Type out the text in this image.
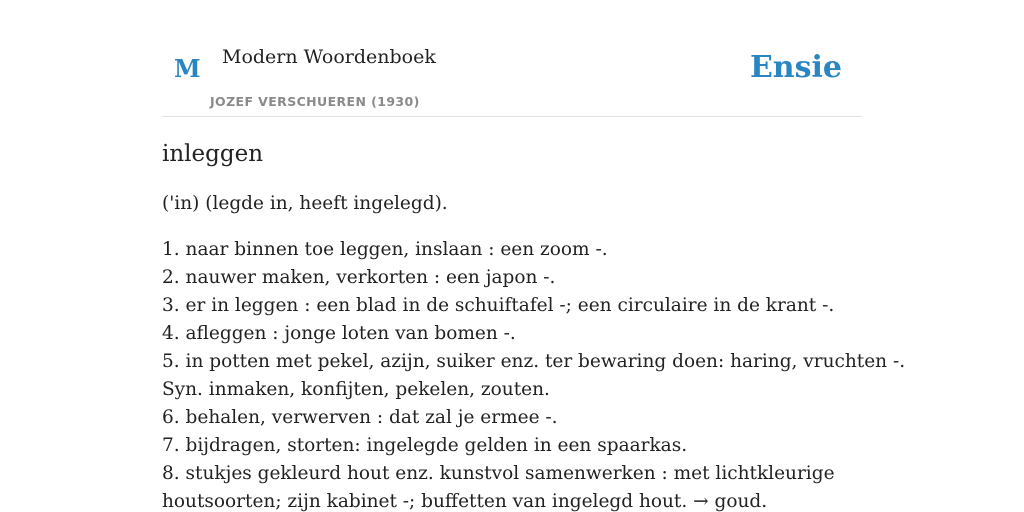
M Modern Woordenboek
JOZEF VERSCHUEREN (1930)
Ensie
inleggen

('in) (legde in, heeft ingelegd).

1. naar binnen toe leggen, inslaan : een zoom -.
2. nauwer maken, verkorten : een japon -.
3. er in leggen : een blad in de schuiftafel -; een circulaire in de krant -.
4. afleggen : jonge loten van bomen -.
5. in potten met pekel, azijn, suiker enz. ter bewaring doen: haring, vruchten -.
Syn. inmaken, konfijten, pekelen, zouten.
6. behalen, verwerven : dat zal je ermee -.
7. bijdragen, storten: ingelegde gelden in een spaarkas.
8. stukjes gekleurd hout enz. kunstvol samenwerken : met lichtkleurige
houtsoorten; zijn kabinet -; buffetten van ingelegd hout. → goud.
